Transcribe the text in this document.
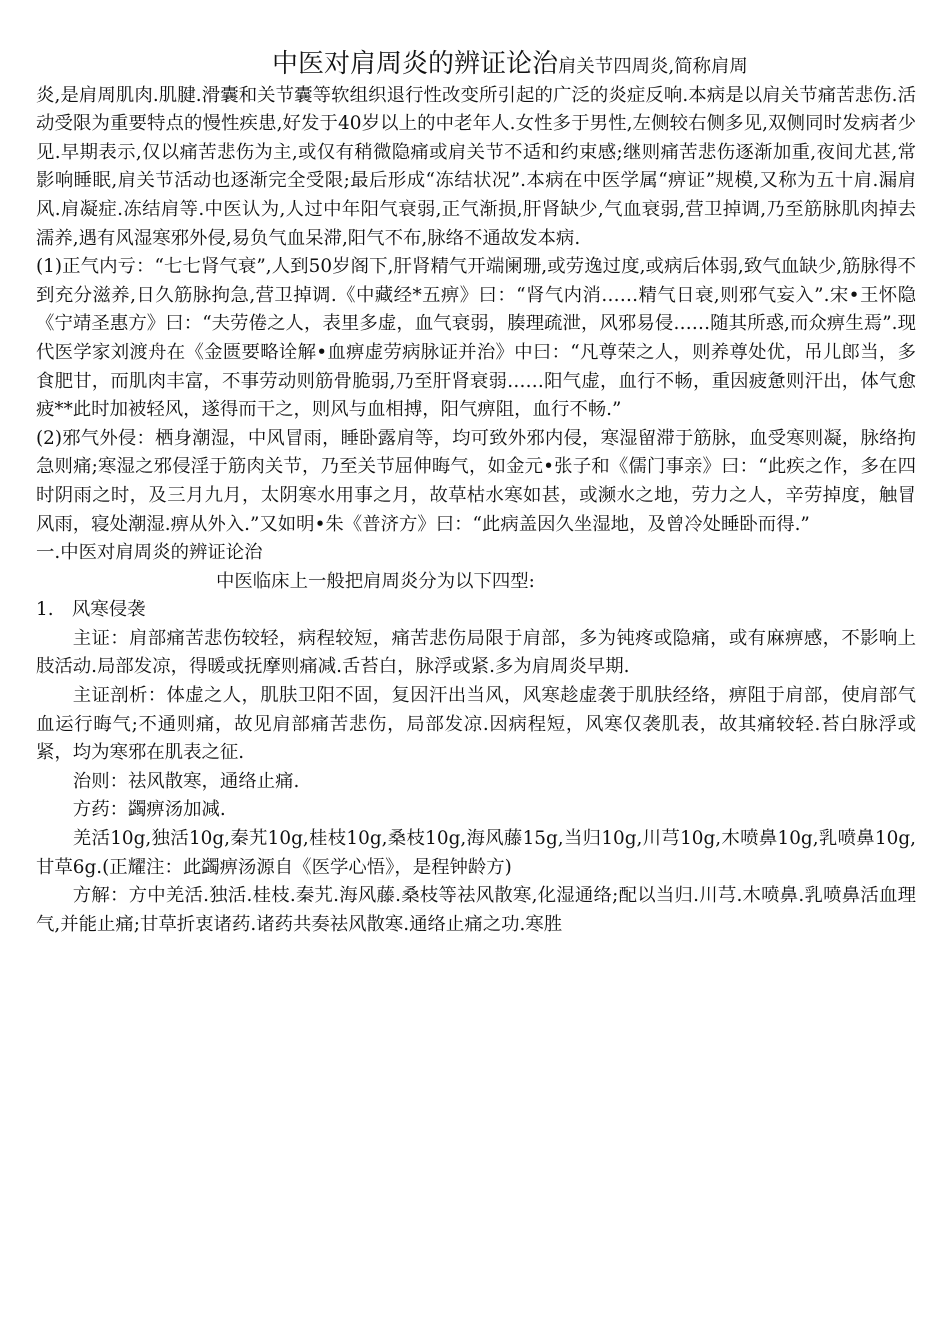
中医对肩周炎的辨证论治肩关节四周炎,简称肩周

炎,是肩周肌肉.肌腱.滑囊和关节囊等软组织退行性改变所引起的广泛的炎症反响.本病是以肩关节痛苦悲伤.活动受限为重要特点的慢性疾患,好发于40岁以上的中老年人.女性多于男性,左侧较右侧多见,双侧同时发病者少见.早期表示,仅以痛苦悲伤为主,或仅有稍微隐痛或肩关节不适和约束感;继则痛苦悲伤逐渐加重,夜间尤甚,常影响睡眠,肩关节活动也逐渐完全受限;最后形成“冻结状况”.本病在中医学属“痹证”规模,又称为五十肩.漏肩风.肩凝症.冻结肩等.中医认为,人过中年阳气衰弱,正气渐损,肝肾缺少,气血衰弱,营卫掉调,乃至筋脉肌肉掉去濡养,遇有风湿寒邪外侵,易负气血呆滞,阳气不布,脉络不通故发本病.

(1)正气内亏：“七七肾气衰”,人到50岁阁下,肝肾精气开端阑珊,或劳逸过度,或病后体弱,致气血缺少,筋脉得不到充分滋养,日久筋脉拘急,营卫掉调.《中藏经*五痹》曰：“肾气内消……精气日衰,则邪气妄入”.宋•王怀隐《宁靖圣惠方》曰：“夫劳倦之人，表里多虚，血气衰弱，腠理疏泄，风邪易侵……随其所惑,而众痹生焉”.现代医学家刘渡舟在《金匮要略诠解•血痹虚劳病脉证并治》中曰：“凡尊荣之人，则养尊处优，吊儿郎当，多食肥甘，而肌肉丰富，不事劳动则筋骨脆弱,乃至肝肾衰弱……阳气虚，血行不畅，重因疲惫则汗出，体气愈疲**此时加被轻风，遂得而干之，则风与血相搏，阳气痹阻，血行不畅.”

(2)邪气外侵：栖身潮湿，中风冒雨，睡卧露肩等，均可致外邪内侵，寒湿留滞于筋脉，血受寒则凝，脉络拘急则痛;寒湿之邪侵淫于筋肉关节，乃至关节屈伸晦气，如金元•张子和《儒门事亲》曰：“此疾之作，多在四时阴雨之时，及三月九月，太阴寒水用事之月，故草枯水寒如甚，或濒水之地，劳力之人，辛劳掉度，触冒风雨，寝处潮湿.痹从外入.”又如明•朱《普济方》曰：“此病盖因久坐湿地，及曾冷处睡卧而得.”

一.中医对肩周炎的辨证论治

中医临床上一般把肩周炎分为以下四型:

1.　风寒侵袭

主证：肩部痛苦悲伤较轻，病程较短，痛苦悲伤局限于肩部，多为钝疼或隐痛，或有麻痹感，不影响上肢活动.局部发凉，得暖或抚摩则痛减.舌苔白，脉浮或紧.多为肩周炎早期.

主证剖析：体虚之人，肌肤卫阳不固，复因汗出当风，风寒趁虚袭于肌肤经络，痹阻于肩部，使肩部气血运行晦气;不通则痛，故见肩部痛苦悲伤，局部发凉.因病程短，风寒仅袭肌表，故其痛较轻.苔白脉浮或紧，均为寒邪在肌表之征.

治则：祛风散寒，通络止痛.

方药：蠲痹汤加减.

羌活10g,独活10g,秦艽10g,桂枝10g,桑枝10g,海风藤15g,当归10g,川芎10g,木喷鼻10g,乳喷鼻10g,甘草6g.(正耀注：此蠲痹汤源自《医学心悟》，是程钟龄方)

方解：方中羌活.独活.桂枝.秦艽.海风藤.桑枝等祛风散寒,化湿通络;配以当归.川芎.木喷鼻.乳喷鼻活血理气,并能止痛;甘草折衷诸药.诸药共奏祛风散寒.通络止痛之功.寒胜
